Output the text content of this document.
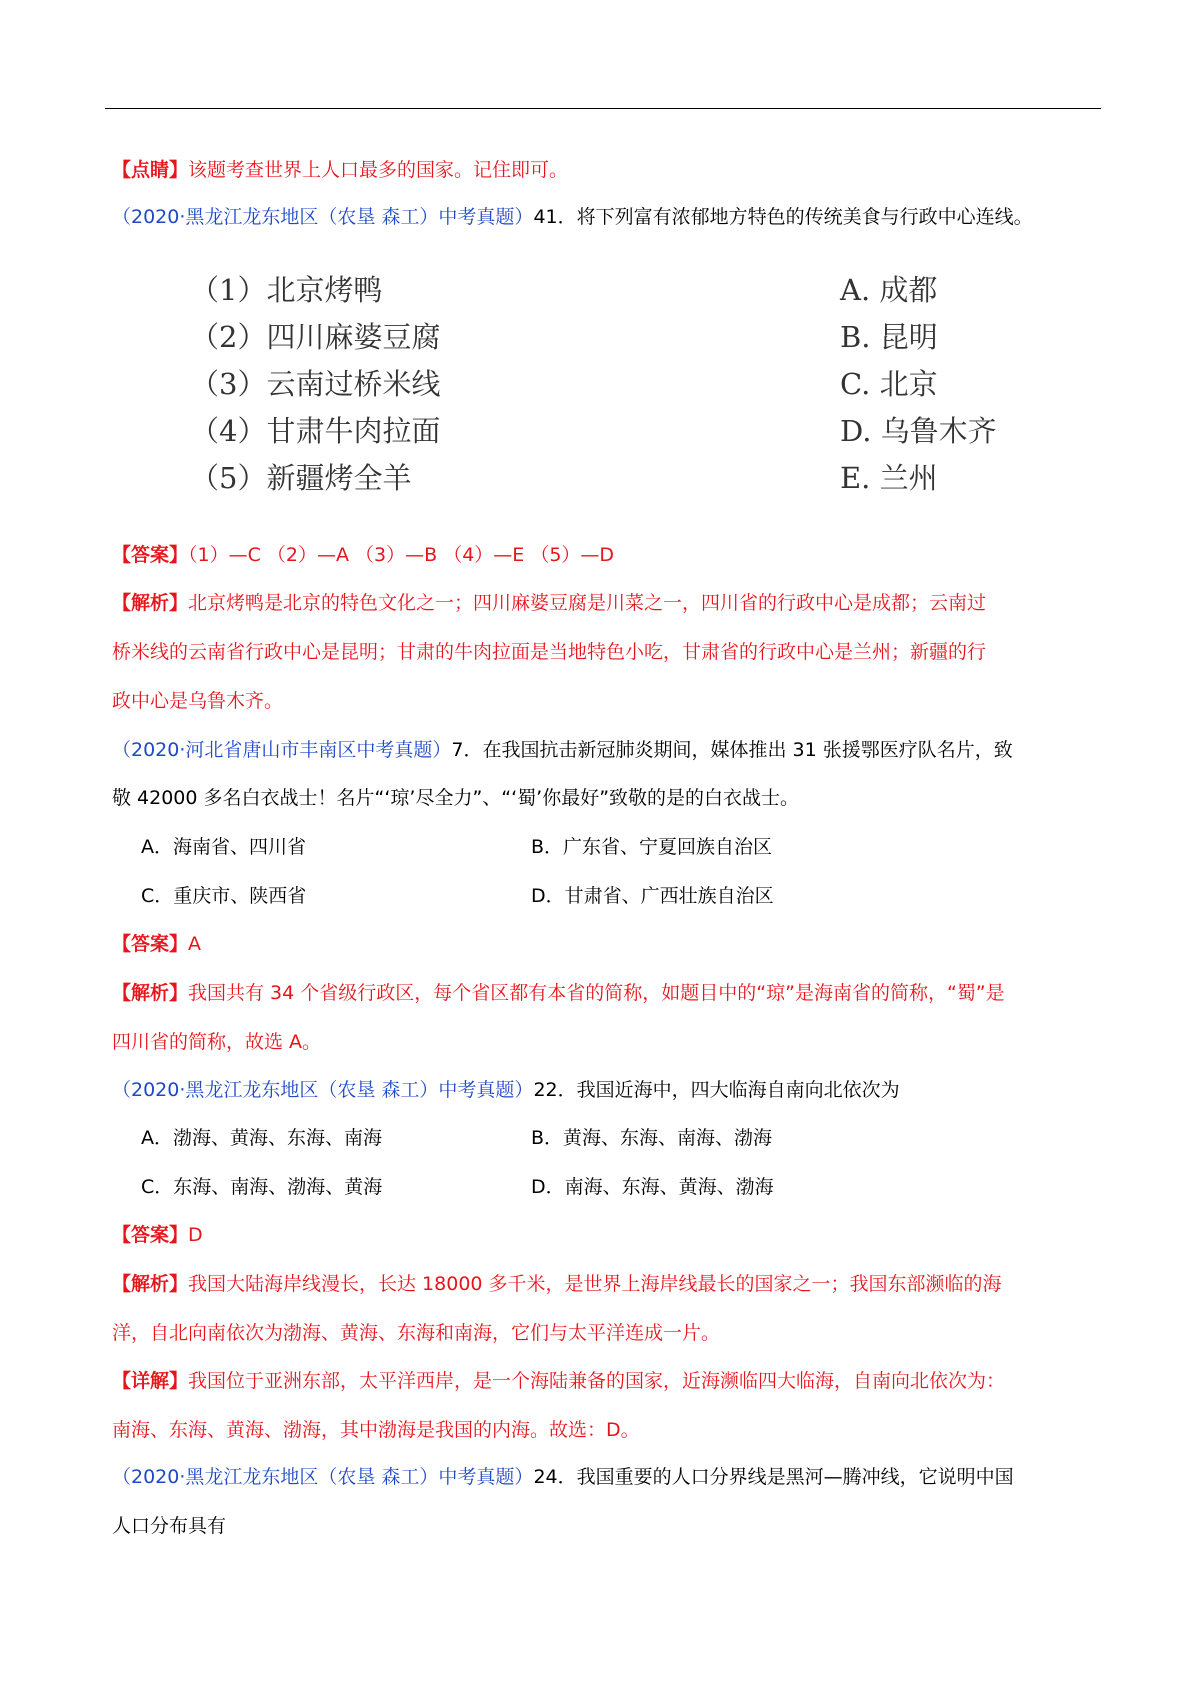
【点睛】该题考查世界上人口最多的国家。记住即可。
（2020·黑龙江龙东地区（农垦 森工）中考真题）41．将下列富有浓郁地方特色的传统美食与行政中心连线。
（1）北京烤鸭	A. 成都
（2）四川麻婆豆腐	B. 昆明
（3）云南过桥米线	C. 北京
（4）甘肃牛肉拉面	D. 乌鲁木齐
（5）新疆烤全羊	E. 兰州
【答案】（1）—C （2）—A （3）—B （4）—E （5）—D
【解析】北京烤鸭是北京的特色文化之一；四川麻婆豆腐是川菜之一，四川省的行政中心是成都；云南过
桥米线的云南省行政中心是昆明；甘肃的牛肉拉面是当地特色小吃，甘肃省的行政中心是兰州；新疆的行
政中心是乌鲁木齐。
（2020·河北省唐山市丰南区中考真题）7．在我国抗击新冠肺炎期间，媒体推出 31 张援鄂医疗队名片，致
敬 42000 多名白衣战士！名片“‘琼’尽全力”、“‘蜀’你最好”致敬的是的白衣战士。
A．海南省、四川省	B．广东省、宁夏回族自治区
C．重庆市、陕西省	D．甘肃省、广西壮族自治区
【答案】A
【解析】我国共有 34 个省级行政区，每个省区都有本省的简称，如题目中的“琼”是海南省的简称，“蜀”是
四川省的简称，故选 A。
（2020·黑龙江龙东地区（农垦 森工）中考真题）22．我国近海中，四大临海自南向北依次为
A．渤海、黄海、东海、南海	B．黄海、东海、南海、渤海
C．东海、南海、渤海、黄海	D．南海、东海、黄海、渤海
【答案】D
【解析】我国大陆海岸线漫长，长达 18000 多千米，是世界上海岸线最长的国家之一；我国东部濒临的海
洋，自北向南依次为渤海、黄海、东海和南海，它们与太平洋连成一片。
【详解】我国位于亚洲东部，太平洋西岸，是一个海陆兼备的国家，近海濒临四大临海，自南向北依次为：
南海、东海、黄海、渤海，其中渤海是我国的内海。故选：D。
（2020·黑龙江龙东地区（农垦 森工）中考真题）24．我国重要的人口分界线是黑河—腾冲线，它说明中国
人口分布具有
